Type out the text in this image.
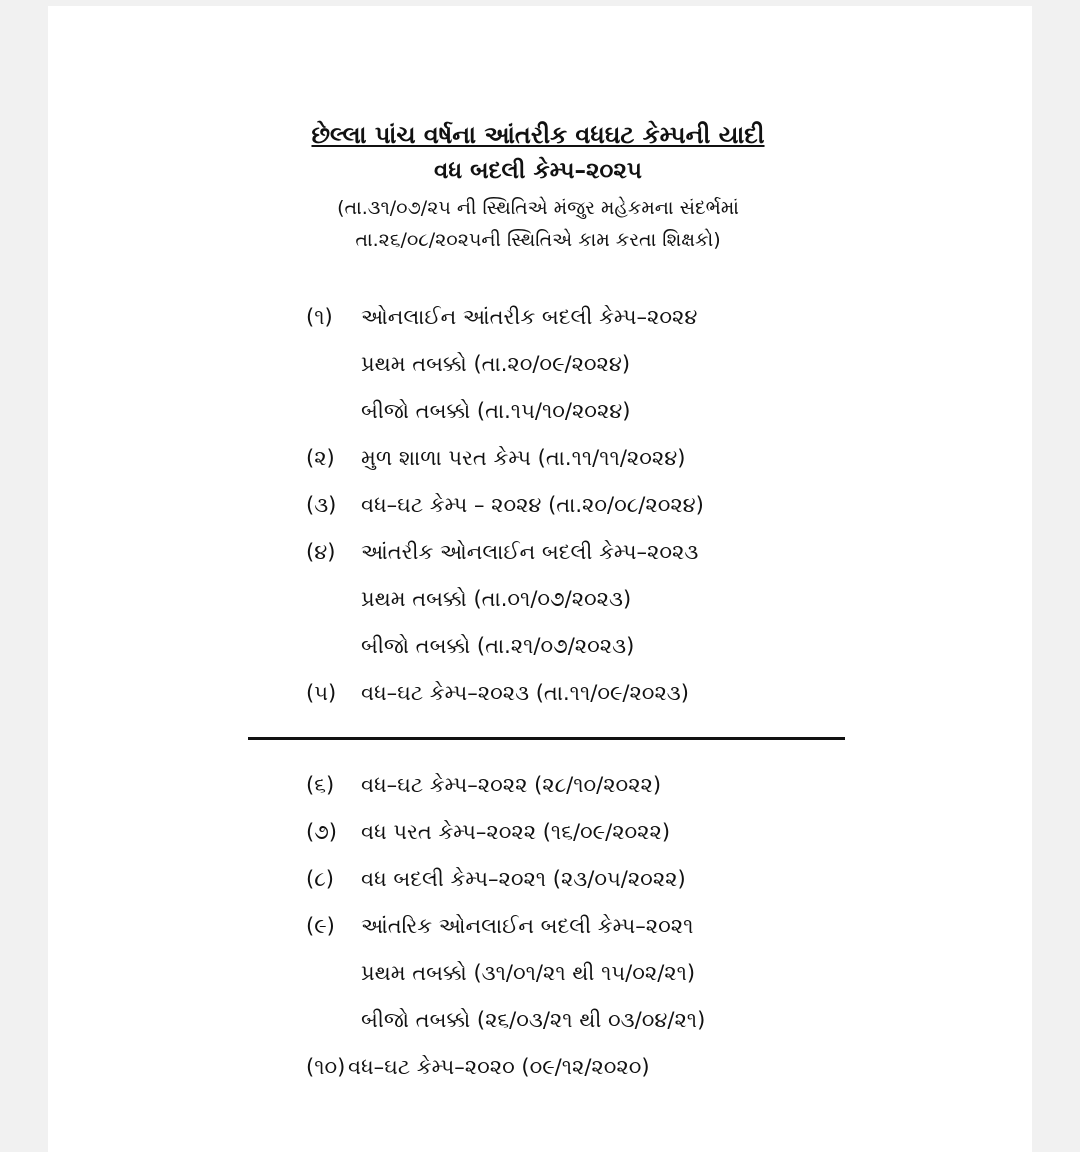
છેલ્લા પાંચ વર્ષના આંતરીક વધઘટ કેમ્પની યાદી
વધ બદલી કેમ્પ–૨૦૨૫
(તા.૩૧/૦૭/૨૫ ની સ્થિતિએ મંજુર મહેકમના સંદર્ભમાં
તા.૨૬/૦૮/૨૦૨૫ની સ્થિતિએ કામ કરતા શિક્ષકો)
(૧) ઓનલાઈન આંતરીક બદલી કેમ્પ–૨૦૨૪
પ્રથમ તબક્કો (તા.૨૦/૦૯/૨૦૨૪)
બીજો તબક્કો (તા.૧૫/૧૦/૨૦૨૪)
(૨) મુળ શાળા પરત કેમ્પ (તા.૧૧/૧૧/૨૦૨૪)
(૩) વધ–ઘટ કેમ્પ – ૨૦૨૪ (તા.૨૦/૦૮/૨૦૨૪)
(૪) આંતરીક ઓનલાઈન બદલી કેમ્પ–૨૦૨૩
પ્રથમ તબક્કો (તા.૦૧/૦૭/૨૦૨૩)
બીજો તબક્કો (તા.૨૧/૦૭/૨૦૨૩)
(૫) વધ–ઘટ કેમ્પ–૨૦૨૩ (તા.૧૧/૦૯/૨૦૨૩)
(૬) વધ–ઘટ કેમ્પ–૨૦૨૨ (૨૮/૧૦/૨૦૨૨)
(૭) વધ પરત કેમ્પ–૨૦૨૨ (૧૬/૦૯/૨૦૨૨)
(૮) વધ બદલી કેમ્પ–૨૦૨૧ (૨૩/૦૫/૨૦૨૨)
(૯) આંતરિક ઓનલાઈન બદલી કેમ્પ–૨૦૨૧
પ્રથમ તબક્કો (૩૧/૦૧/૨૧ થી ૧૫/૦૨/૨૧)
બીજો તબક્કો (૨૬/૦૩/૨૧ થી ૦૩/૦૪/૨૧)
(૧૦) વધ–ઘટ કેમ્પ–૨૦૨૦ (૦૯/૧૨/૨૦૨૦)
